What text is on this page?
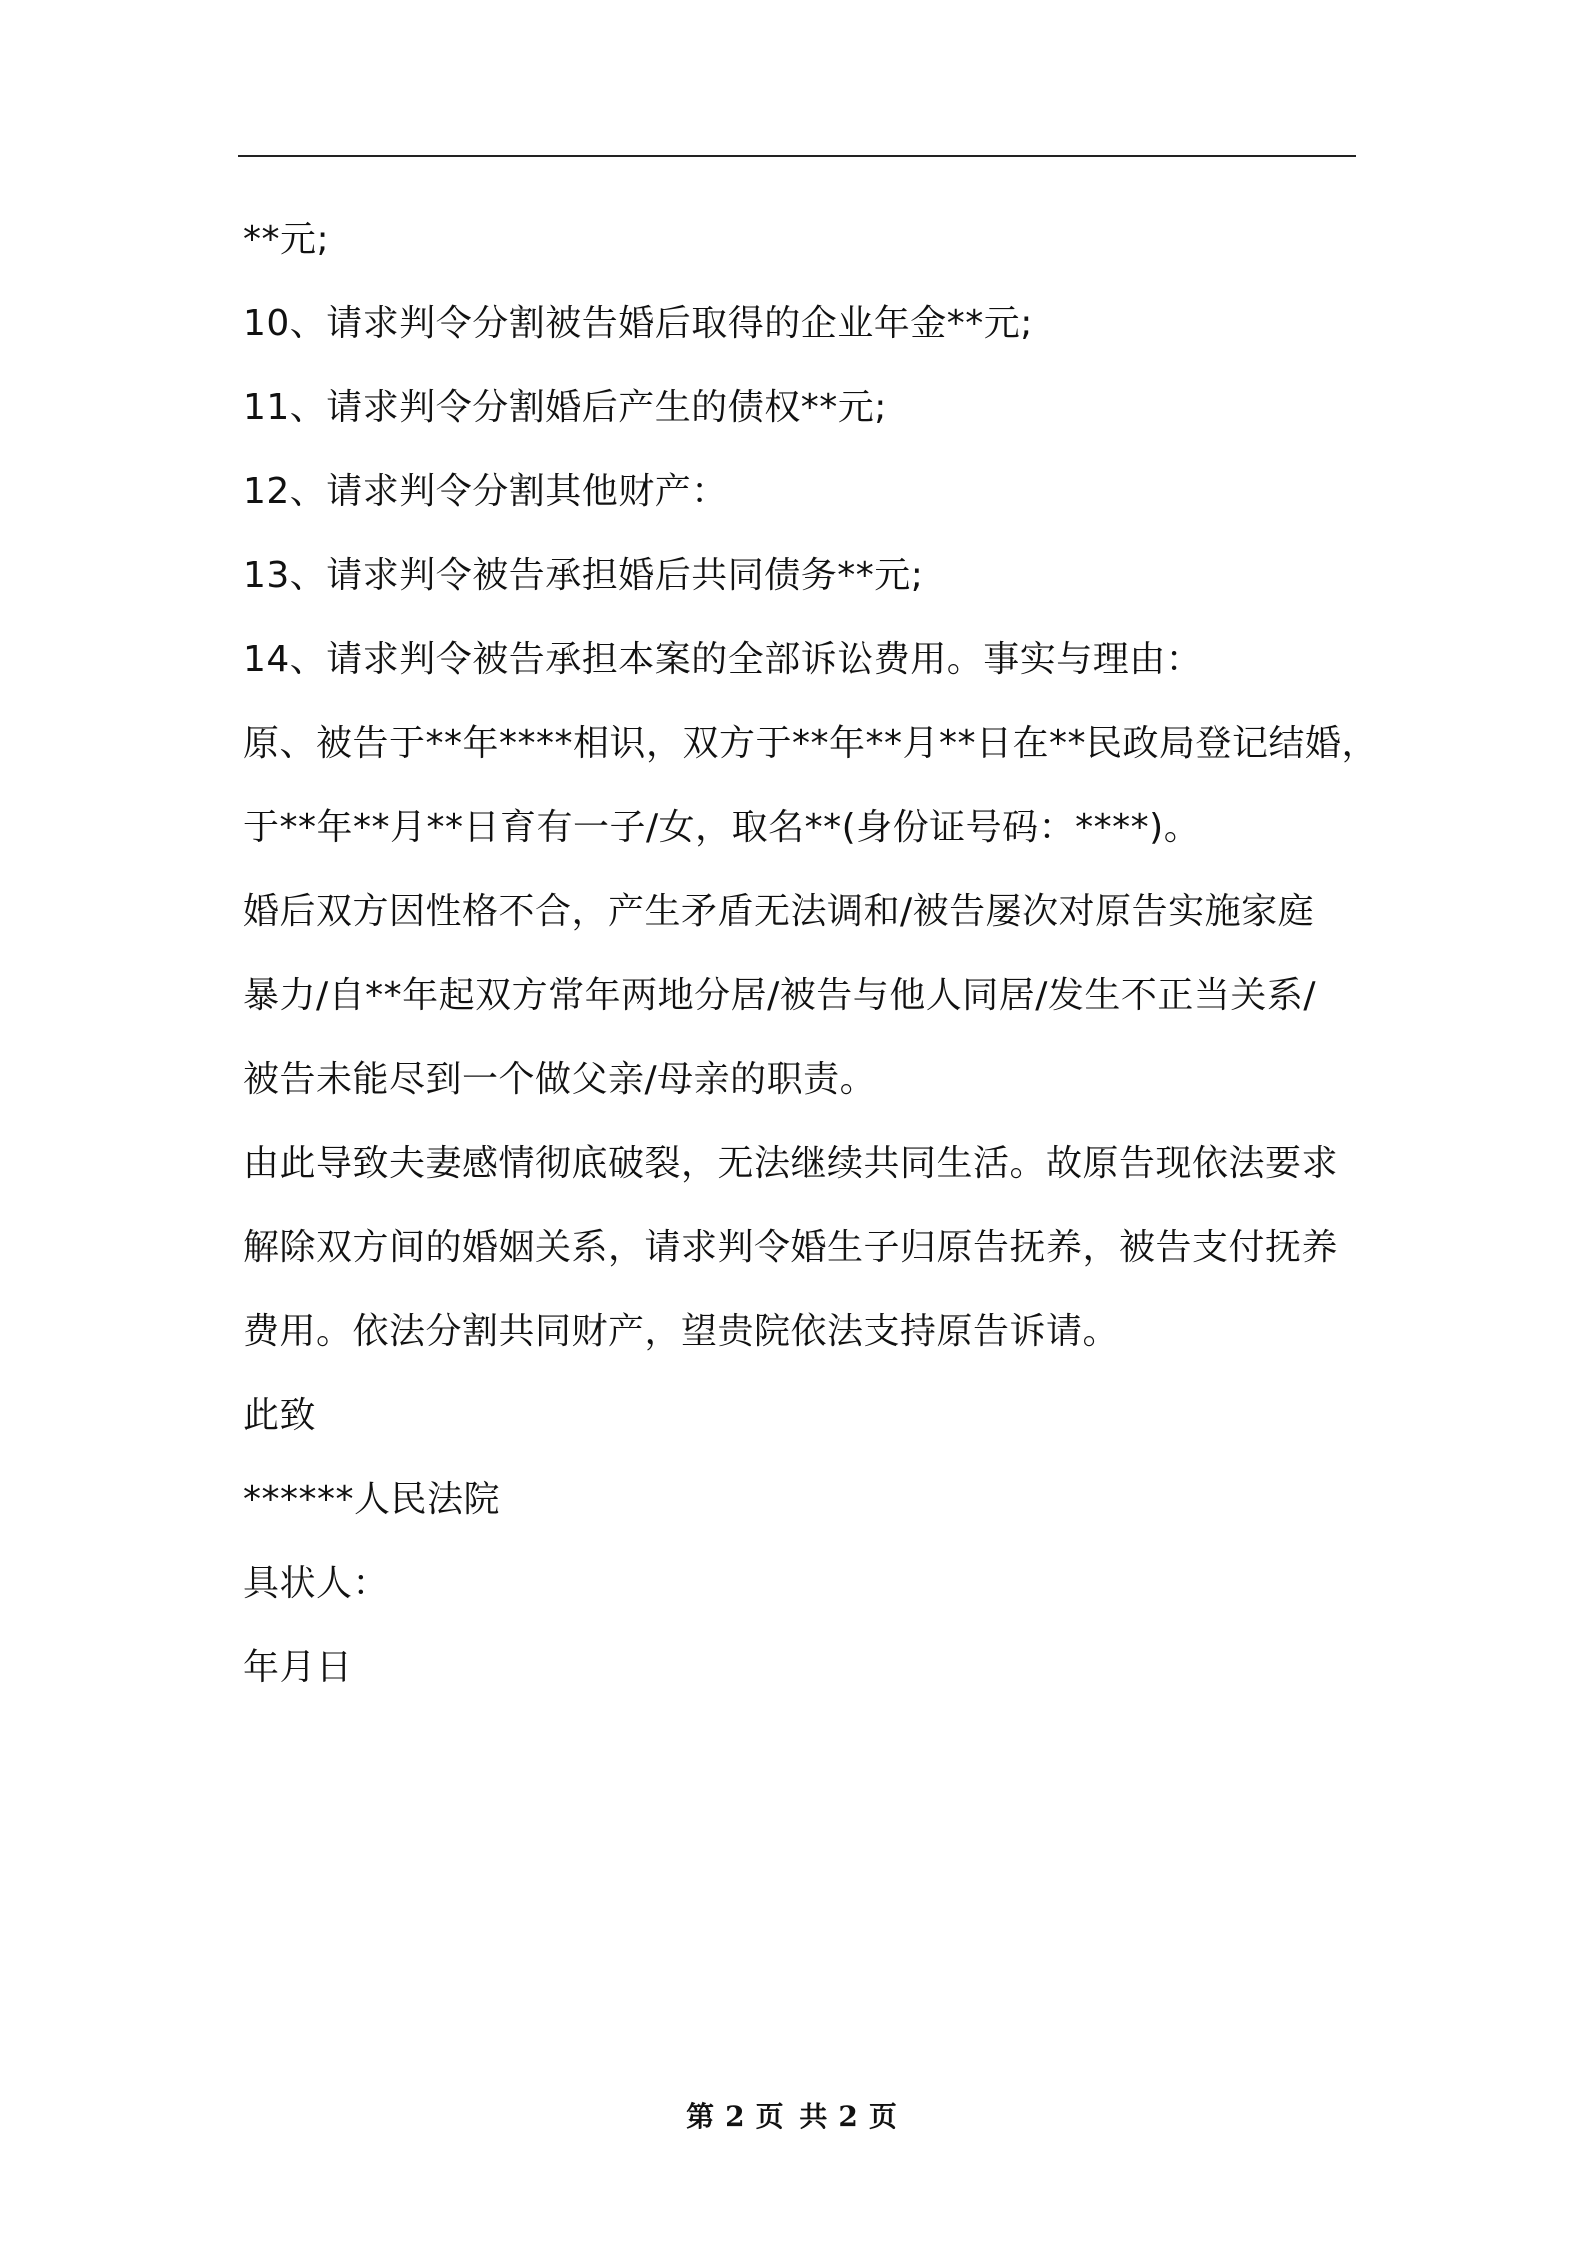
**元;
10、请求判令分割被告婚后取得的企业年金**元;
11、请求判令分割婚后产生的债权**元;
12、请求判令分割其他财产：
13、请求判令被告承担婚后共同债务**元;
14、请求判令被告承担本案的全部诉讼费用。事实与理由：
原、被告于**年****相识，双方于**年**月**日在**民政局登记结婚，
于**年**月**日育有一子/女，取名**(身份证号码：****)。
婚后双方因性格不合，产生矛盾无法调和/被告屡次对原告实施家庭
暴力/自**年起双方常年两地分居/被告与他人同居/发生不正当关系/
被告未能尽到一个做父亲/母亲的职责。
由此导致夫妻感情彻底破裂，无法继续共同生活。故原告现依法要求
解除双方间的婚姻关系，请求判令婚生子归原告抚养，被告支付抚养
费用。依法分割共同财产，望贵院依法支持原告诉请。
此致
******人民法院
具状人：
年月日
第 2 页 共 2 页
